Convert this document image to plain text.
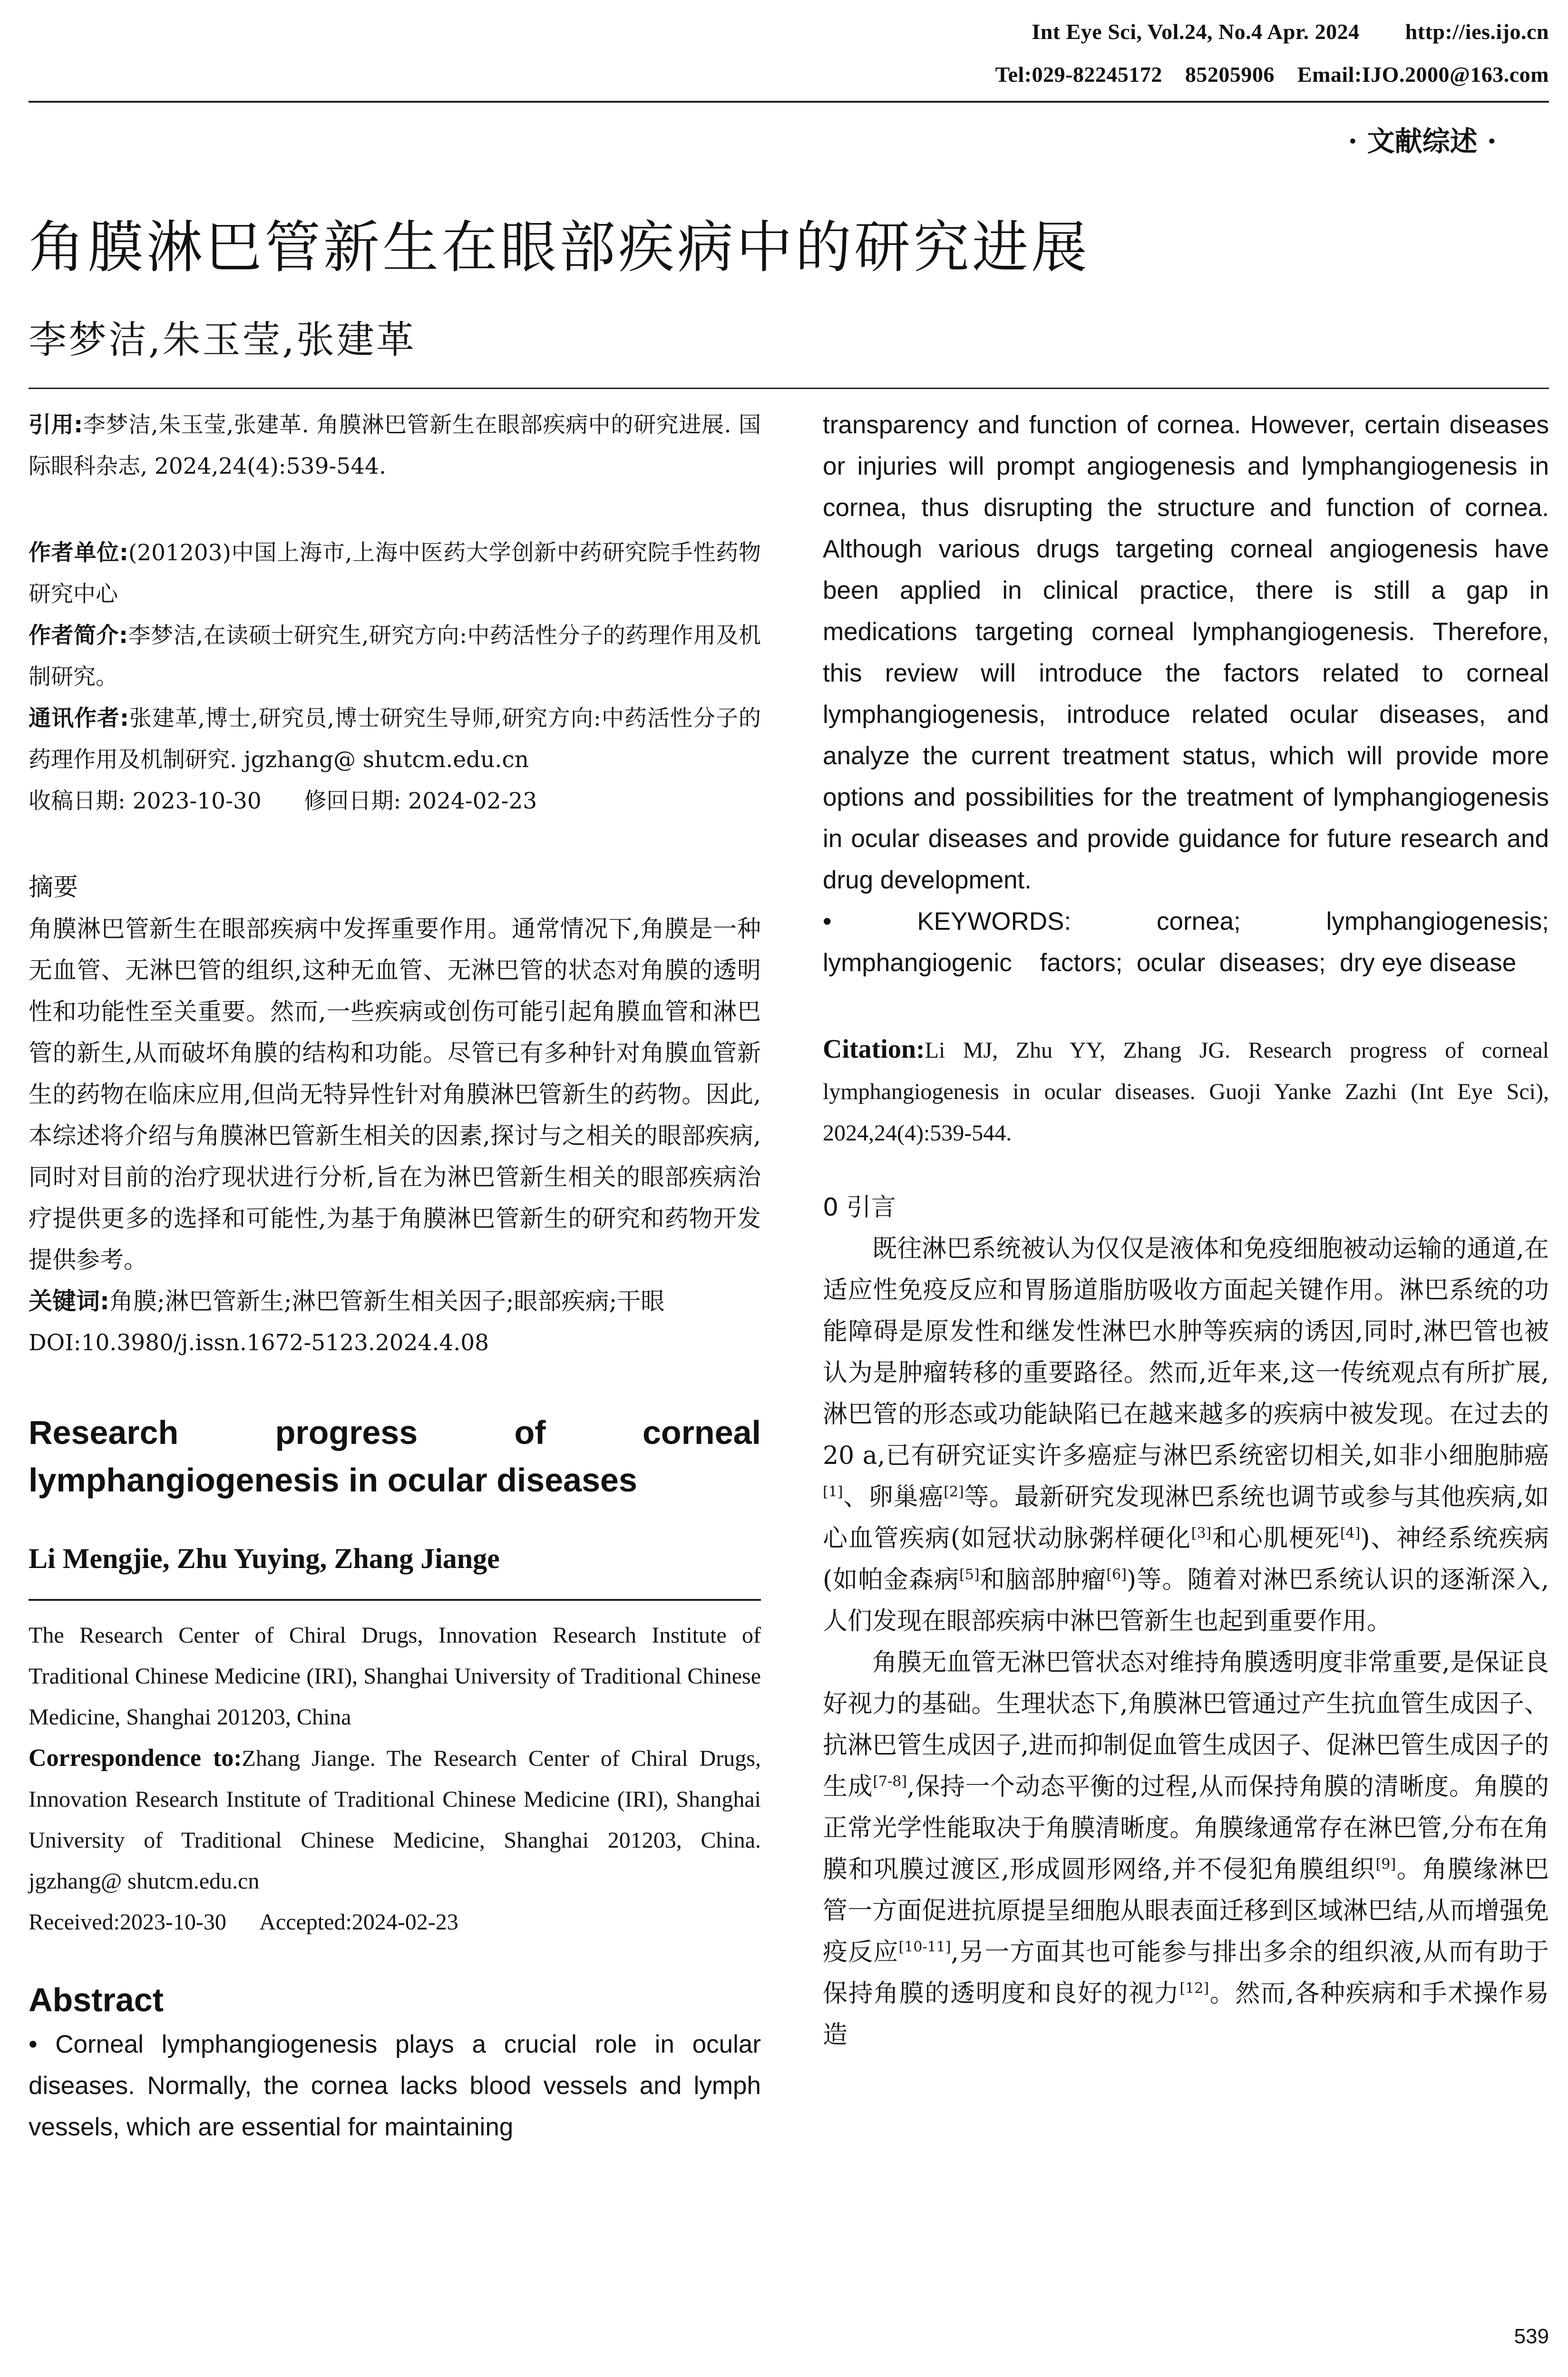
Int Eye Sci, Vol.24, No.4 Apr. 2024        http://ies.ijo.cn
Tel:029-82245172    85205906    Email:IJO.2000@163.com
· 文献综述 ·
角膜淋巴管新生在眼部疾病中的研究进展
李梦洁,朱玉莹,张建革

引用:李梦洁,朱玉莹,张建革. 角膜淋巴管新生在眼部疾病中的研究进展. 国际眼科杂志, 2024,24(4):539-544.

作者单位:(201203)中国上海市,上海中医药大学创新中药研究院手性药物研究中心

作者简介:李梦洁,在读硕士研究生,研究方向:中药活性分子的药理作用及机制研究。

通讯作者:张建革,博士,研究员,博士研究生导师,研究方向:中药活性分子的药理作用及机制研究. jgzhang@ shutcm.edu.cn

收稿日期: 2023-10-30      修回日期: 2024-02-23

摘要

角膜淋巴管新生在眼部疾病中发挥重要作用。通常情况下,角膜是一种无血管、无淋巴管的组织,这种无血管、无淋巴管的状态对角膜的透明性和功能性至关重要。然而,一些疾病或创伤可能引起角膜血管和淋巴管的新生,从而破坏角膜的结构和功能。尽管已有多种针对角膜血管新生的药物在临床应用,但尚无特异性针对角膜淋巴管新生的药物。因此,本综述将介绍与角膜淋巴管新生相关的因素,探讨与之相关的眼部疾病,同时对目前的治疗现状进行分析,旨在为淋巴管新生相关的眼部疾病治疗提供更多的选择和可能性,为基于角膜淋巴管新生的研究和药物开发提供参考。

关键词:角膜;淋巴管新生;淋巴管新生相关因子;眼部疾病;干眼

DOI:10.3980/j.issn.1672-5123.2024.4.08

Research progress of corneal
lymphangiogenesis in ocular diseases

Li Mengjie, Zhu Yuying, Zhang Jiange

The Research Center of Chiral Drugs, Innovation Research Institute of Traditional Chinese Medicine (IRI), Shanghai University of Traditional Chinese Medicine, Shanghai 201203, China

Correspondence to:Zhang Jiange. The Research Center of Chiral Drugs, Innovation Research Institute of Traditional Chinese Medicine (IRI), Shanghai University of Traditional Chinese Medicine, Shanghai 201203, China. jgzhang@ shutcm.edu.cn

Received:2023-10-30      Accepted:2024-02-23

Abstract

• Corneal lymphangiogenesis plays a crucial role in ocular diseases. Normally, the cornea lacks blood vessels and lymph vessels, which are essential for maintaining

transparency and function of cornea. However, certain diseases or injuries will prompt angiogenesis and lymphangiogenesis in cornea, thus disrupting the structure and function of cornea. Although various drugs targeting corneal angiogenesis have been applied in clinical practice, there is still a gap in medications targeting corneal lymphangiogenesis. Therefore, this review will introduce the factors related to corneal lymphangiogenesis, introduce related ocular diseases, and analyze the current treatment status, which will provide more options and possibilities for the treatment of lymphangiogenesis in ocular diseases and provide guidance for future research and drug development.

•    KEYWORDS:    cornea;    lymphangiogenesis; lymphangiogenic    factors;  ocular  diseases;  dry eye disease

Citation:Li MJ, Zhu YY, Zhang JG. Research progress of corneal lymphangiogenesis in ocular diseases. Guoji Yanke Zazhi (Int Eye Sci), 2024,24(4):539-544.

0 引言

既往淋巴系统被认为仅仅是液体和免疫细胞被动运输的通道,在适应性免疫反应和胃肠道脂肪吸收方面起关键作用。淋巴系统的功能障碍是原发性和继发性淋巴水肿等疾病的诱因,同时,淋巴管也被认为是肿瘤转移的重要路径。然而,近年来,这一传统观点有所扩展,淋巴管的形态或功能缺陷已在越来越多的疾病中被发现。在过去的 20 a,已有研究证实许多癌症与淋巴系统密切相关,如非小细胞肺癌[1]、卵巢癌[2]等。最新研究发现淋巴系统也调节或参与其他疾病,如心血管疾病(如冠状动脉粥样硬化[3]和心肌梗死[4])、神经系统疾病(如帕金森病[5]和脑部肿瘤[6])等。随着对淋巴系统认识的逐渐深入,人们发现在眼部疾病中淋巴管新生也起到重要作用。

角膜无血管无淋巴管状态对维持角膜透明度非常重要,是保证良好视力的基础。生理状态下,角膜淋巴管通过产生抗血管生成因子、抗淋巴管生成因子,进而抑制促血管生成因子、促淋巴管生成因子的生成[7-8],保持一个动态平衡的过程,从而保持角膜的清晰度。角膜的正常光学性能取决于角膜清晰度。角膜缘通常存在淋巴管,分布在角膜和巩膜过渡区,形成圆形网络,并不侵犯角膜组织[9]。角膜缘淋巴管一方面促进抗原提呈细胞从眼表面迁移到区域淋巴结,从而增强免疫反应[10-11],另一方面其也可能参与排出多余的组织液,从而有助于保持角膜的透明度和良好的视力[12]。然而,各种疾病和手术操作易造

539
